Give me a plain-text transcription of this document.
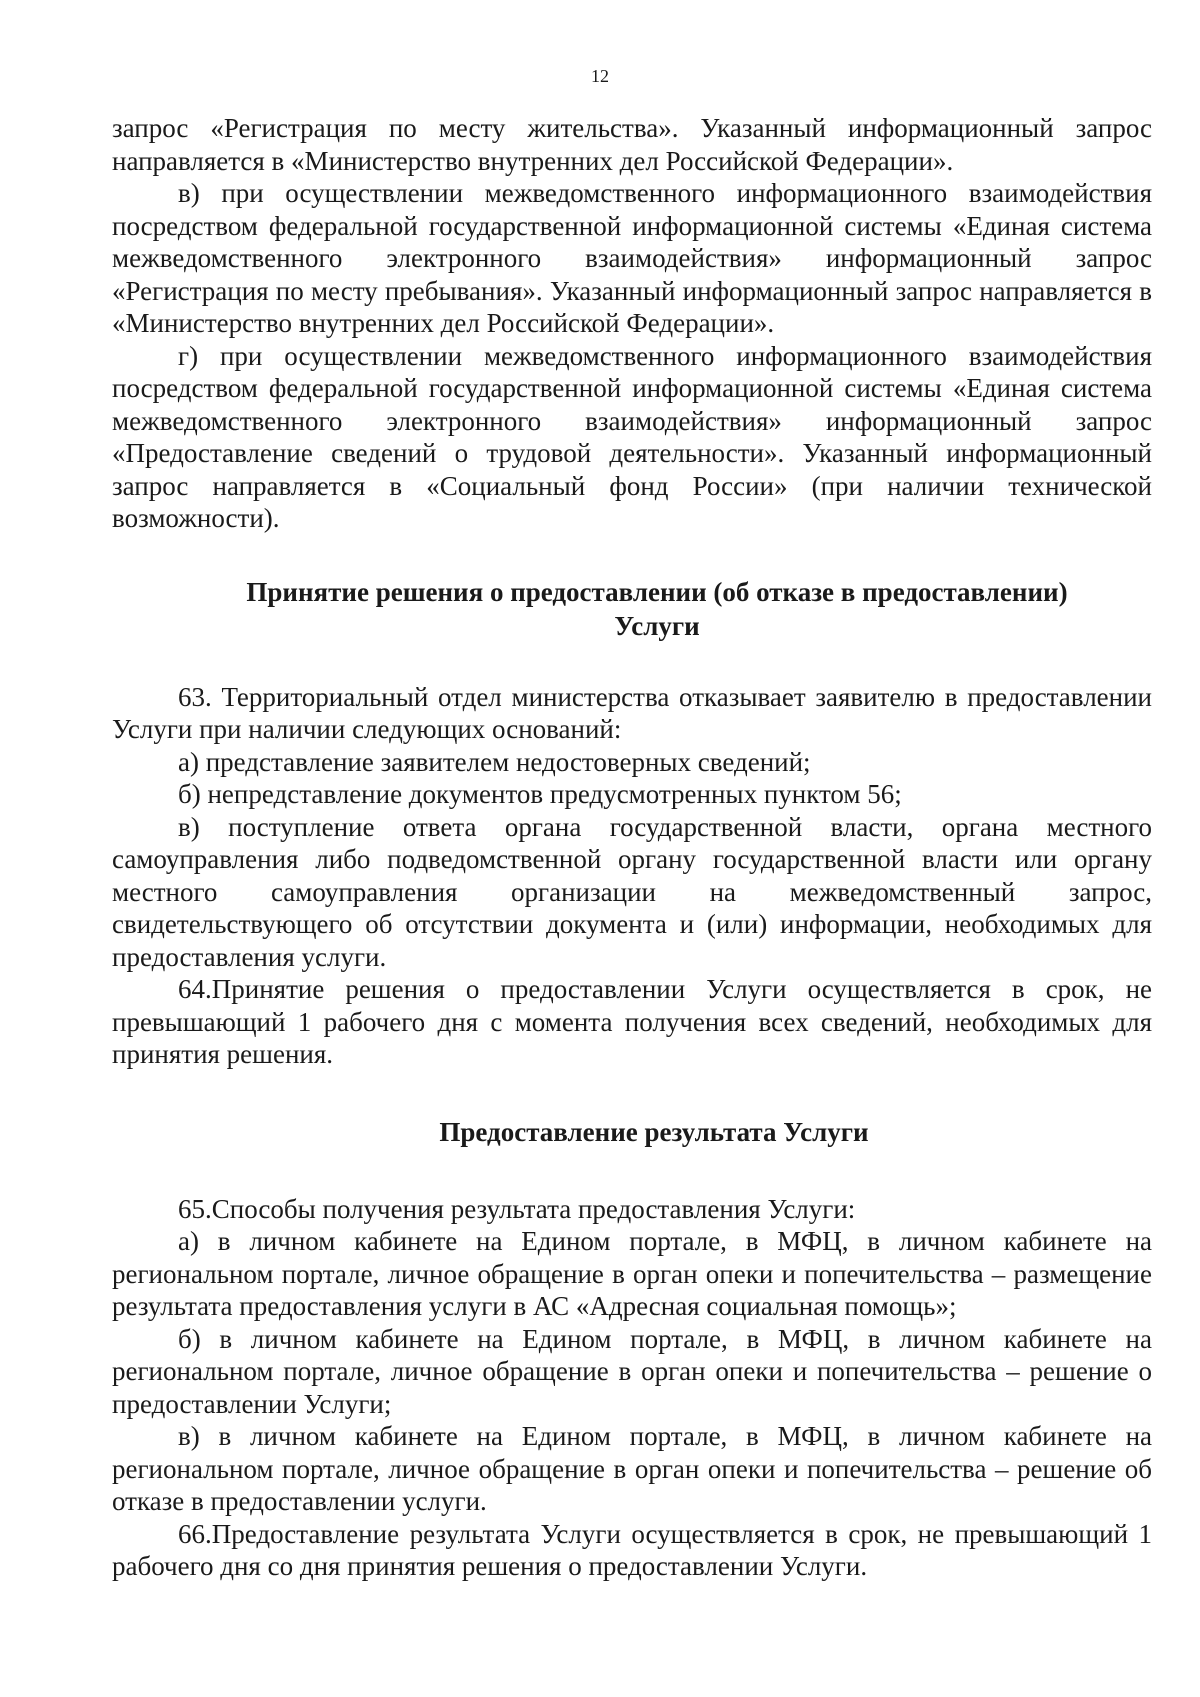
12

запрос «Регистрация по месту жительства». Указанный информационный запрос направляется в «Министерство внутренних дел Российской Федерации».

в) при осуществлении межведомственного информационного взаимодействия посредством федеральной государственной информационной системы «Единая система межведомственного электронного взаимодействия» информационный запрос «Регистрация по месту пребывания». Указанный информационный запрос направляется в «Министерство внутренних дел Российской Федерации».

г) при осуществлении межведомственного информационного взаимодействия посредством федеральной государственной информационной системы «Единая система межведомственного электронного взаимодействия» информационный запрос «Предоставление сведений о трудовой деятельности». Указанный информационный запрос направляется в «Социальный фонд России» (при наличии технической возможности).

Принятие решения о предоставлении (об отказе в предоставлении)
Услуги

63. Территориальный отдел министерства отказывает заявителю в предоставлении Услуги при наличии следующих оснований:

а) представление заявителем недостоверных сведений;

б) непредставление документов предусмотренных пунктом 56;

в) поступление ответа органа государственной власти, органа местного самоуправления либо подведомственной органу государственной власти или органу местного самоуправления организации на межведомственный запрос, свидетельствующего об отсутствии документа и (или) информации, необходимых для предоставления услуги.

64.Принятие решения о предоставлении Услуги осуществляется в срок, не превышающий 1 рабочего дня с момента получения всех сведений, необходимых для принятия решения.

Предоставление результата Услуги

65.Способы получения результата предоставления Услуги:

а) в личном кабинете на Едином портале, в МФЦ, в личном кабинете на региональном портале, личное обращение в орган опеки и попечительства – размещение результата предоставления услуги в АС «Адресная социальная помощь»;

б) в личном кабинете на Едином портале, в МФЦ, в личном кабинете на региональном портале, личное обращение в орган опеки и попечительства – решение о предоставлении Услуги;

в) в личном кабинете на Едином портале, в МФЦ, в личном кабинете на региональном портале, личное обращение в орган опеки и попечительства – решение об отказе в предоставлении услуги.

66.Предоставление результата Услуги осуществляется в срок, не превышающий 1 рабочего дня со дня принятия решения о предоставлении Услуги.
